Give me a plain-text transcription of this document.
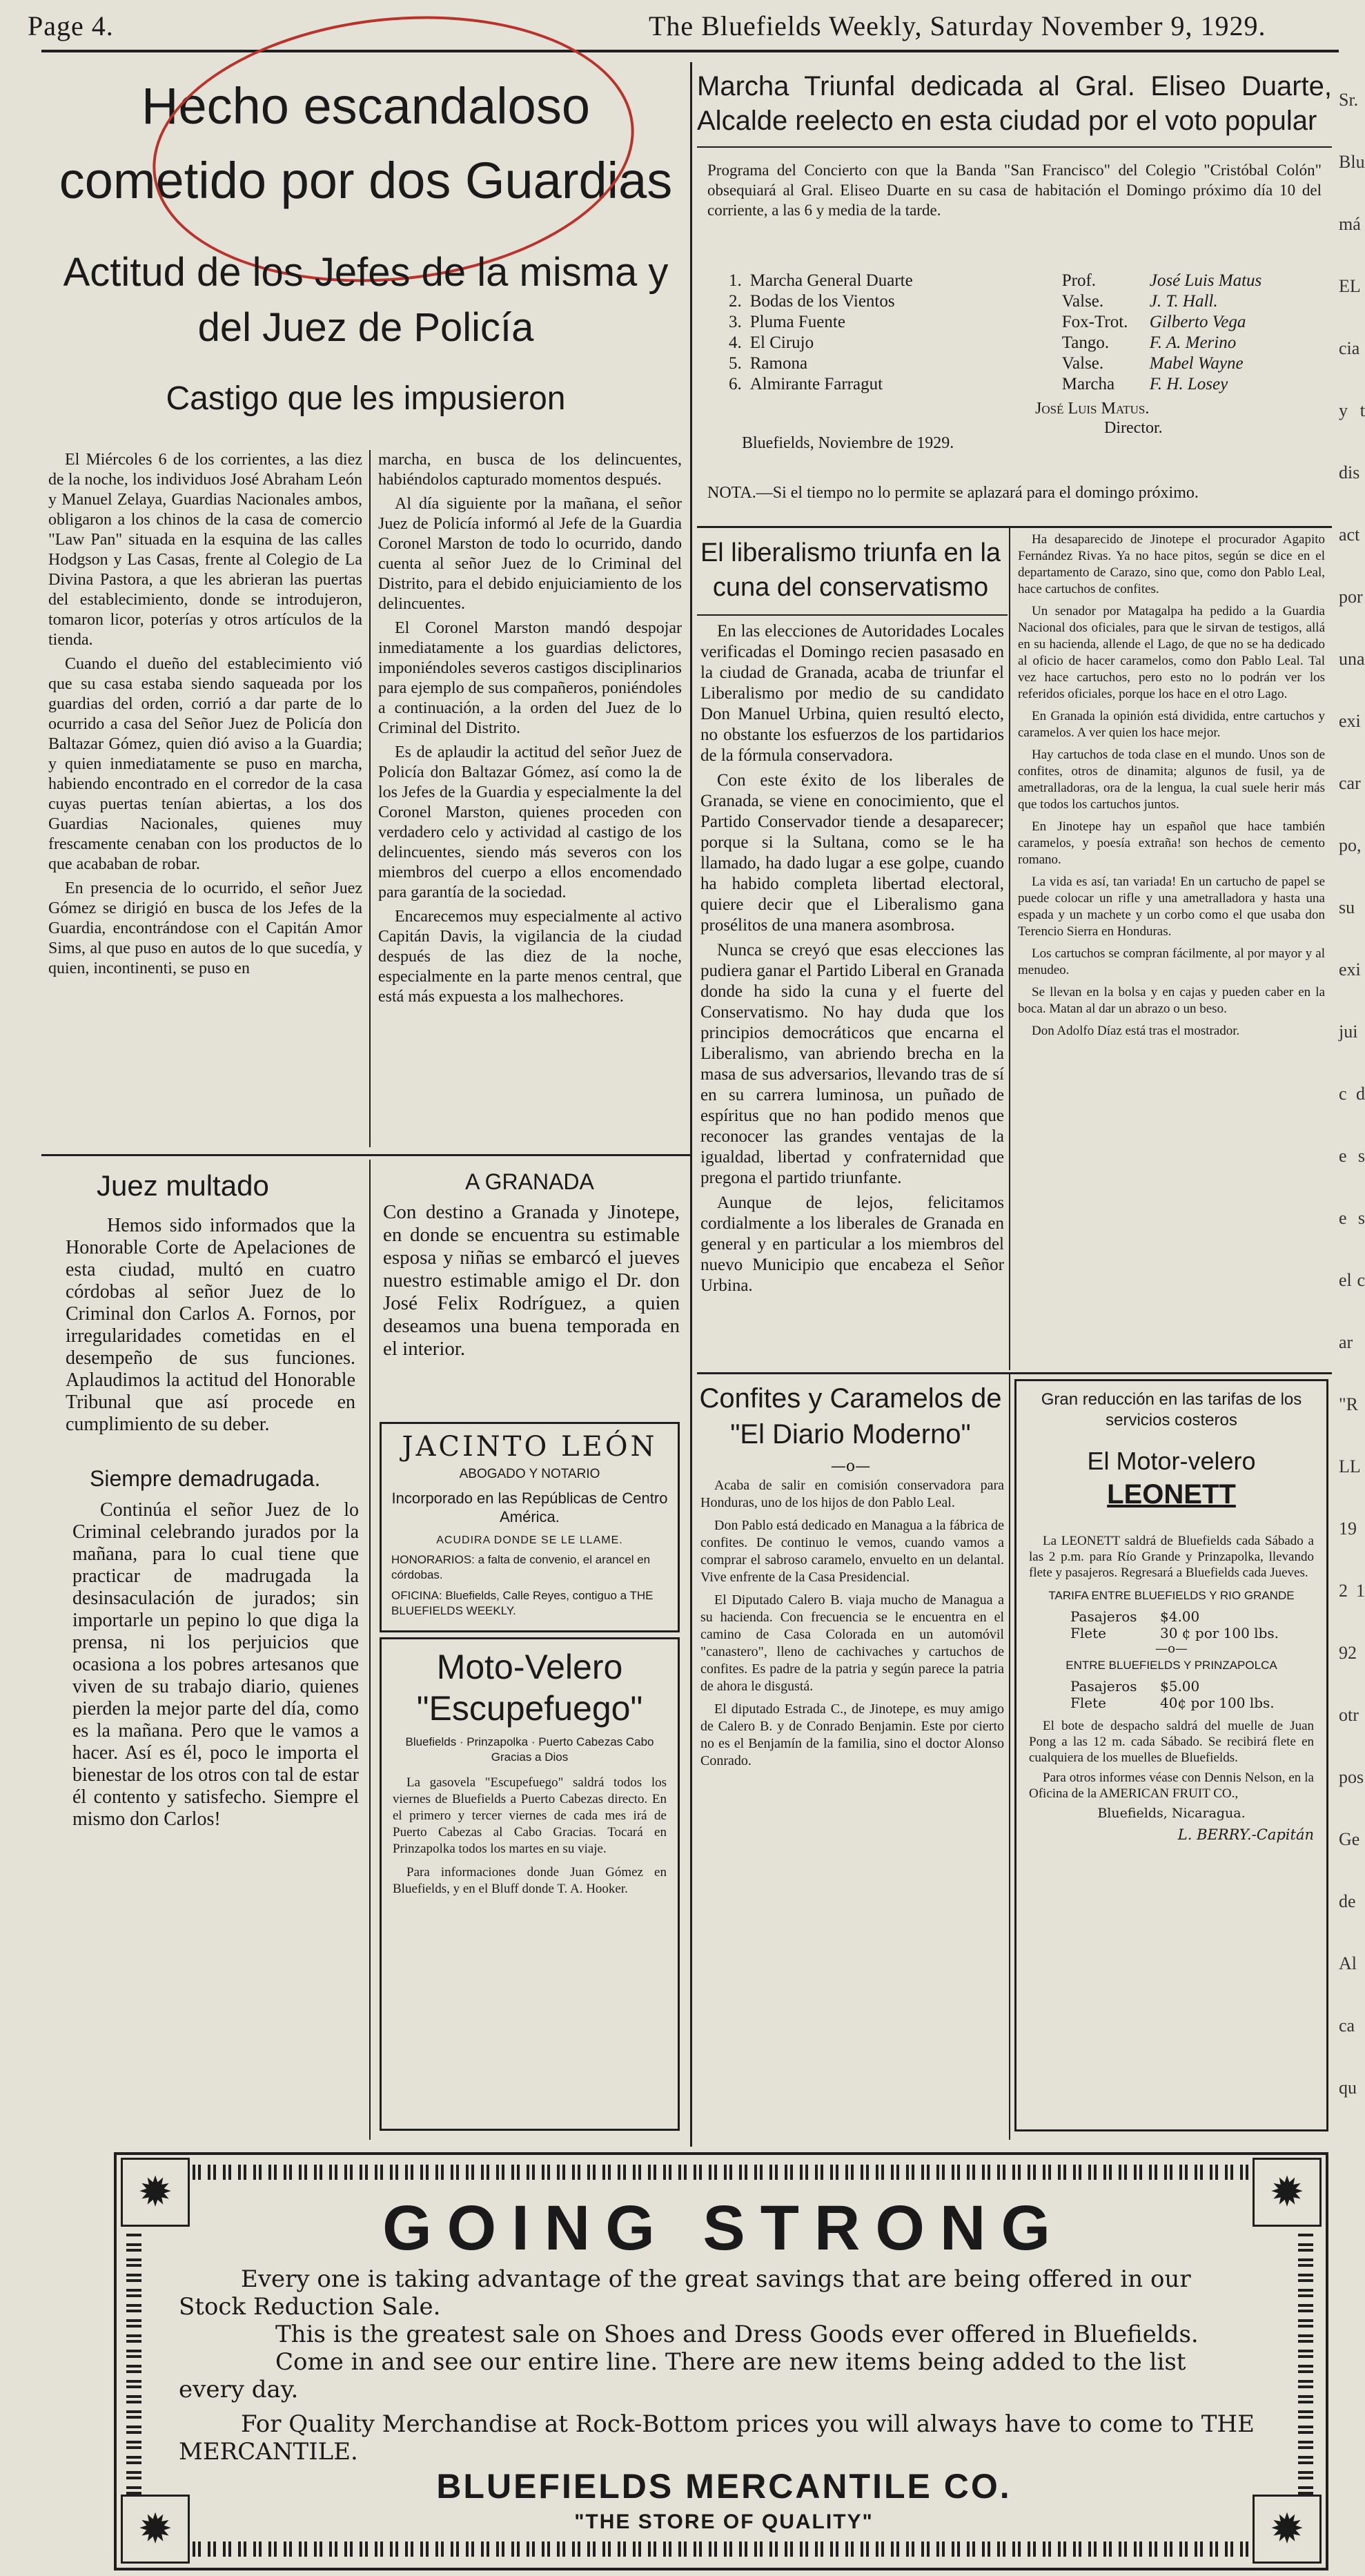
Page 4.	The Bluefields Weekly, Saturday November 9, 1929.
Hecho escandaloso cometido por dos Guardias
Actitud de los Jefes de la misma y del Juez de Policía
Castigo que les impusieron

El Miércoles 6 de los corrientes, a las diez de la noche, los individuos José Abraham León y Manuel Zelaya, Guardias Nacionales ambos, obligaron a los chinos de la casa de comercio "Law Pan" situada en la esquina de las calles Hodgson y Las Casas, frente al Colegio de La Divina Pastora, a que les abrieran las puertas del establecimiento, donde se introdujeron, tomaron licor, poterías y otros artículos de la tienda.

Cuando el dueño del establecimiento vió que su casa estaba siendo saqueada por los guardias del orden, corrió a dar parte de lo ocurrido a casa del Señor Juez de Policía don Baltazar Gómez, quien dió aviso a la Guardia; y quien inmediatamente se puso en marcha, habiendo encontrado en el corredor de la casa cuyas puertas tenían abiertas, a los dos Guardias Nacionales, quienes muy frescamente cenaban con los productos de lo que acababan de robar.

En presencia de lo ocurrido, el señor Juez Gómez se dirigió en busca de los Jefes de la Guardia, encontrándose con el Capitán Amor Sims, al que puso en autos de lo que sucedía, y quien, incontinenti, se puso en

marcha, en busca de los delincuentes, habiéndolos capturado momentos después.

Al día siguiente por la mañana, el señor Juez de Policía informó al Jefe de la Guardia Coronel Marston de todo lo ocurrido, dando cuenta al señor Juez de lo Criminal del Distrito, para el debido enjuiciamiento de los delincuentes.

El Coronel Marston mandó despojar inmediatamente a los guardias delictores, imponiéndoles severos castigos disciplinarios para ejemplo de sus compañeros, poniéndoles a continuación, a la orden del Juez de lo Criminal del Distrito.

Es de aplaudir la actitud del señor Juez de Policía don Baltazar Gómez, así como la de los Jefes de la Guardia y especialmente la del Coronel Marston, quienes proceden con verdadero celo y actividad al castigo de los delincuentes, siendo más severos con los miembros del cuerpo a ellos encomendado para garantía de la sociedad.

Encarecemos muy especialmente al activo Capitán Davis, la vigilancia de la ciudad después de las diez de la noche, especialmente en la parte menos central, que está más expuesta a los malhechores.

Marcha Triunfal dedicada al Gral. Eliseo Duarte, Alcalde reelecto en esta ciudad por el voto popular
Programa del Concierto con que la Banda "San Francisco" del Colegio "Cristóbal Colón" obsequiará al Gral. Eliseo Duarte en su casa de habitación el Domingo próximo día 10 del corriente, a las 6 y media de la tarde.
1.	Marcha General Duarte	Prof.	José Luis Matus
2.	Bodas de los Vientos	Valse.	J. T. Hall.
3.	Pluma Fuente	Fox-Trot.	Gilberto Vega
4.	El Cirujo	Tango.	F. A. Merino
5.	Ramona	Valse.	Mabel Wayne
6.	Almirante Farragut	Marcha	F. H. Losey
José Luis Matus.
Bluefields, Noviembre de 1929.
Director.
NOTA.—Si el tiempo no lo permite se aplazará para el domingo próximo.
El liberalismo triunfa en la cuna del conservatismo

En las elecciones de Autoridades Locales verificadas el Domingo recien pasasado en la ciudad de Granada, acaba de triunfar el Liberalismo por medio de su candidato Don Manuel Urbina, quien resultó electo, no obstante los esfuerzos de los partidarios de la fórmula conservadora.

Con este éxito de los liberales de Granada, se viene en conocimiento, que el Partido Conservador tiende a desaparecer; porque si la Sultana, como se le ha llamado, ha dado lugar a ese golpe, cuando ha habido completa libertad electoral, quiere decir que el Liberalismo gana prosélitos de una manera asombrosa.

Nunca se creyó que esas elecciones las pudiera ganar el Partido Liberal en Granada donde ha sido la cuna y el fuerte del Conservatismo. No hay duda que los principios democráticos que encarna el Liberalismo, van abriendo brecha en la masa de sus adversarios, llevando tras de sí en su carrera luminosa, un puñado de espíritus que no han podido menos que reconocer las grandes ventajas de la igualdad, libertad y confraternidad que pregona el partido triunfante.

Aunque de lejos, felicitamos cordialmente a los liberales de Granada en general y en particular a los miembros del nuevo Municipio que encabeza el Señor Urbina.

Ha desaparecido de Jinotepe el procurador Agapito Fernández Rivas. Ya no hace pitos, según se dice en el departamento de Carazo, sino que, como don Pablo Leal, hace cartuchos de confites.

Un senador por Matagalpa ha pedido a la Guardia Nacional dos oficiales, para que le sirvan de testigos, allá en su hacienda, allende el Lago, de que no se ha dedicado al oficio de hacer caramelos, como don Pablo Leal. Tal vez hace cartuchos, pero esto no lo podrán ver los referidos oficiales, porque los hace en el otro Lago.

En Granada la opinión está dividida, entre cartuchos y caramelos. A ver quien los hace mejor.

Hay cartuchos de toda clase en el mundo. Unos son de confites, otros de dinamita; algunos de fusil, ya de ametralladoras, ora de la lengua, la cual suele herir más que todos los cartuchos juntos.

En Jinotepe hay un español que hace también caramelos, y poesía extraña! son hechos de cemento romano.

La vida es así, tan variada! En un cartucho de papel se puede colocar un rifle y una ametralladora y hasta una espada y un machete y un corbo como el que usaba don Terencio Sierra en Honduras.

Los cartuchos se compran fácilmente, al por mayor y al menudeo.

Se llevan en la bolsa y en cajas y pueden caber en la boca. Matan al dar un abrazo o un beso.

Don Adolfo Díaz está tras el mostrador.

Juez multado
Hemos sido informados que la Honorable Corte de Apelaciones de esta ciudad, multó en cuatro córdobas al señor Juez de lo Criminal don Carlos A. Fornos, por irregularidades cometidas en el desempeño de sus funciones. Aplaudimos la actitud del Honorable Tribunal que así procede en cumplimiento de su deber.
Siempre demadrugada.
Continúa el señor Juez de lo Criminal celebrando jurados por la mañana, para lo cual tiene que practicar de madrugada la desinsaculación de jurados; sin importarle un pepino lo que diga la prensa, ni los perjuicios que ocasiona a los pobres artesanos que viven de su trabajo diario, quienes pierden la mejor parte del día, como es la mañana. Pero que le vamos a hacer. Así es él, poco le importa el bienestar de los otros con tal de estar él contento y satisfecho. Siempre el mismo don Carlos!
A GRANADA
Con destino a Granada y Jinotepe, en donde se encuentra su estimable esposa y niñas se embarcó el jueves nuestro estimable amigo el Dr. don José Felix Rodríguez, a quien deseamos una buena temporada en el interior.
JACINTO LEÓN
ABOGADO Y NOTARIO
Incorporado en las Repúblicas de Centro América.
ACUDIRA DONDE SE LE LLAME.
HONORARIOS: a falta de convenio, el arancel en córdobas.
OFICINA: Bluefields, Calle Reyes, contiguo a THE BLUEFIELDS WEEKLY.
Moto-Velero
"Escupefuego"
Bluefields · Prinzapolka · Puerto Cabezas Cabo Gracias a Dios
La gasovela "Escupefuego" saldrá todos los viernes de Bluefields a Puerto Cabezas directo. En el primero y tercer viernes de cada mes irá de Puerto Cabezas al Cabo Gracias. Tocará en Prinzapolka todos los martes en su viaje.
Para informaciones donde Juan Gómez en Bluefields, y en el Bluff donde T. A. Hooker.
Confites y Caramelos de "El Diario Moderno"
—o—

Acaba de salir en comisión conservadora para Honduras, uno de los hijos de don Pablo Leal.

Don Pablo está dedicado en Managua a la fábrica de confites. De continuo le vemos, cuando vamos a comprar el sabroso caramelo, envuelto en un delantal. Vive enfrente de la Casa Presidencial.

El Diputado Calero B. viaja mucho de Managua a su hacienda. Con frecuencia se le encuentra en el camino de Casa Colorada en un automóvil "canastero", lleno de cachivaches y cartuchos de confites. Es padre de la patria y según parece la patria de ahora le disgustá.

El diputado Estrada C., de Jinotepe, es muy amigo de Calero B. y de Conrado Benjamin. Este por cierto no es el Benjamín de la familia, sino el doctor Alonso Conrado.

Gran reducción en las tarifas de los servicios costeros
El Motor-velero
LEONETT
La LEONETT saldrá de Bluefields cada Sábado a las 2 p.m. para Río Grande y Prinzapolka, llevando flete y pasajeros. Regresará a Bluefields cada Jueves.
TARIFA ENTRE BLUEFIELDS Y RIO GRANDE
Pasajeros	$4.00
Flete	30 ¢ por 100 lbs.
—o—
ENTRE BLUEFIELDS Y PRINZAPOLCA
Pasajeros	$5.00
Flete	40¢ por 100 lbs.
El bote de despacho saldrá del muelle de Juan Pong a las 12 m. cada Sábado. Se recibirá flete en cualquiera de los muelles de Bluefields.
Para otros informes véase con Dennis Nelson, en la Oficina de la AMERICAN FRUIT CO.,
Bluefields, Nicaragua.
L. BERRY.-Capitán
Sr. Blu má EL cia y t dis act por una exi car po, su exi juic de se sel car "R LL 192 192 otr pos Ge de Al ca qu
✹	✹
✹	✹
GOING STRONG
Every one is taking advantage of the great savings that are being offered in our Stock Reduction Sale.
This is the greatest sale on Shoes and Dress Goods ever offered in Bluefields.
Come in and see our entire line. There are new items being added to the list every day.
For Quality Merchandise at Rock-Bottom prices you will always have to come to THE MERCANTILE.
BLUEFIELDS MERCANTILE CO.
"THE STORE OF QUALITY"
